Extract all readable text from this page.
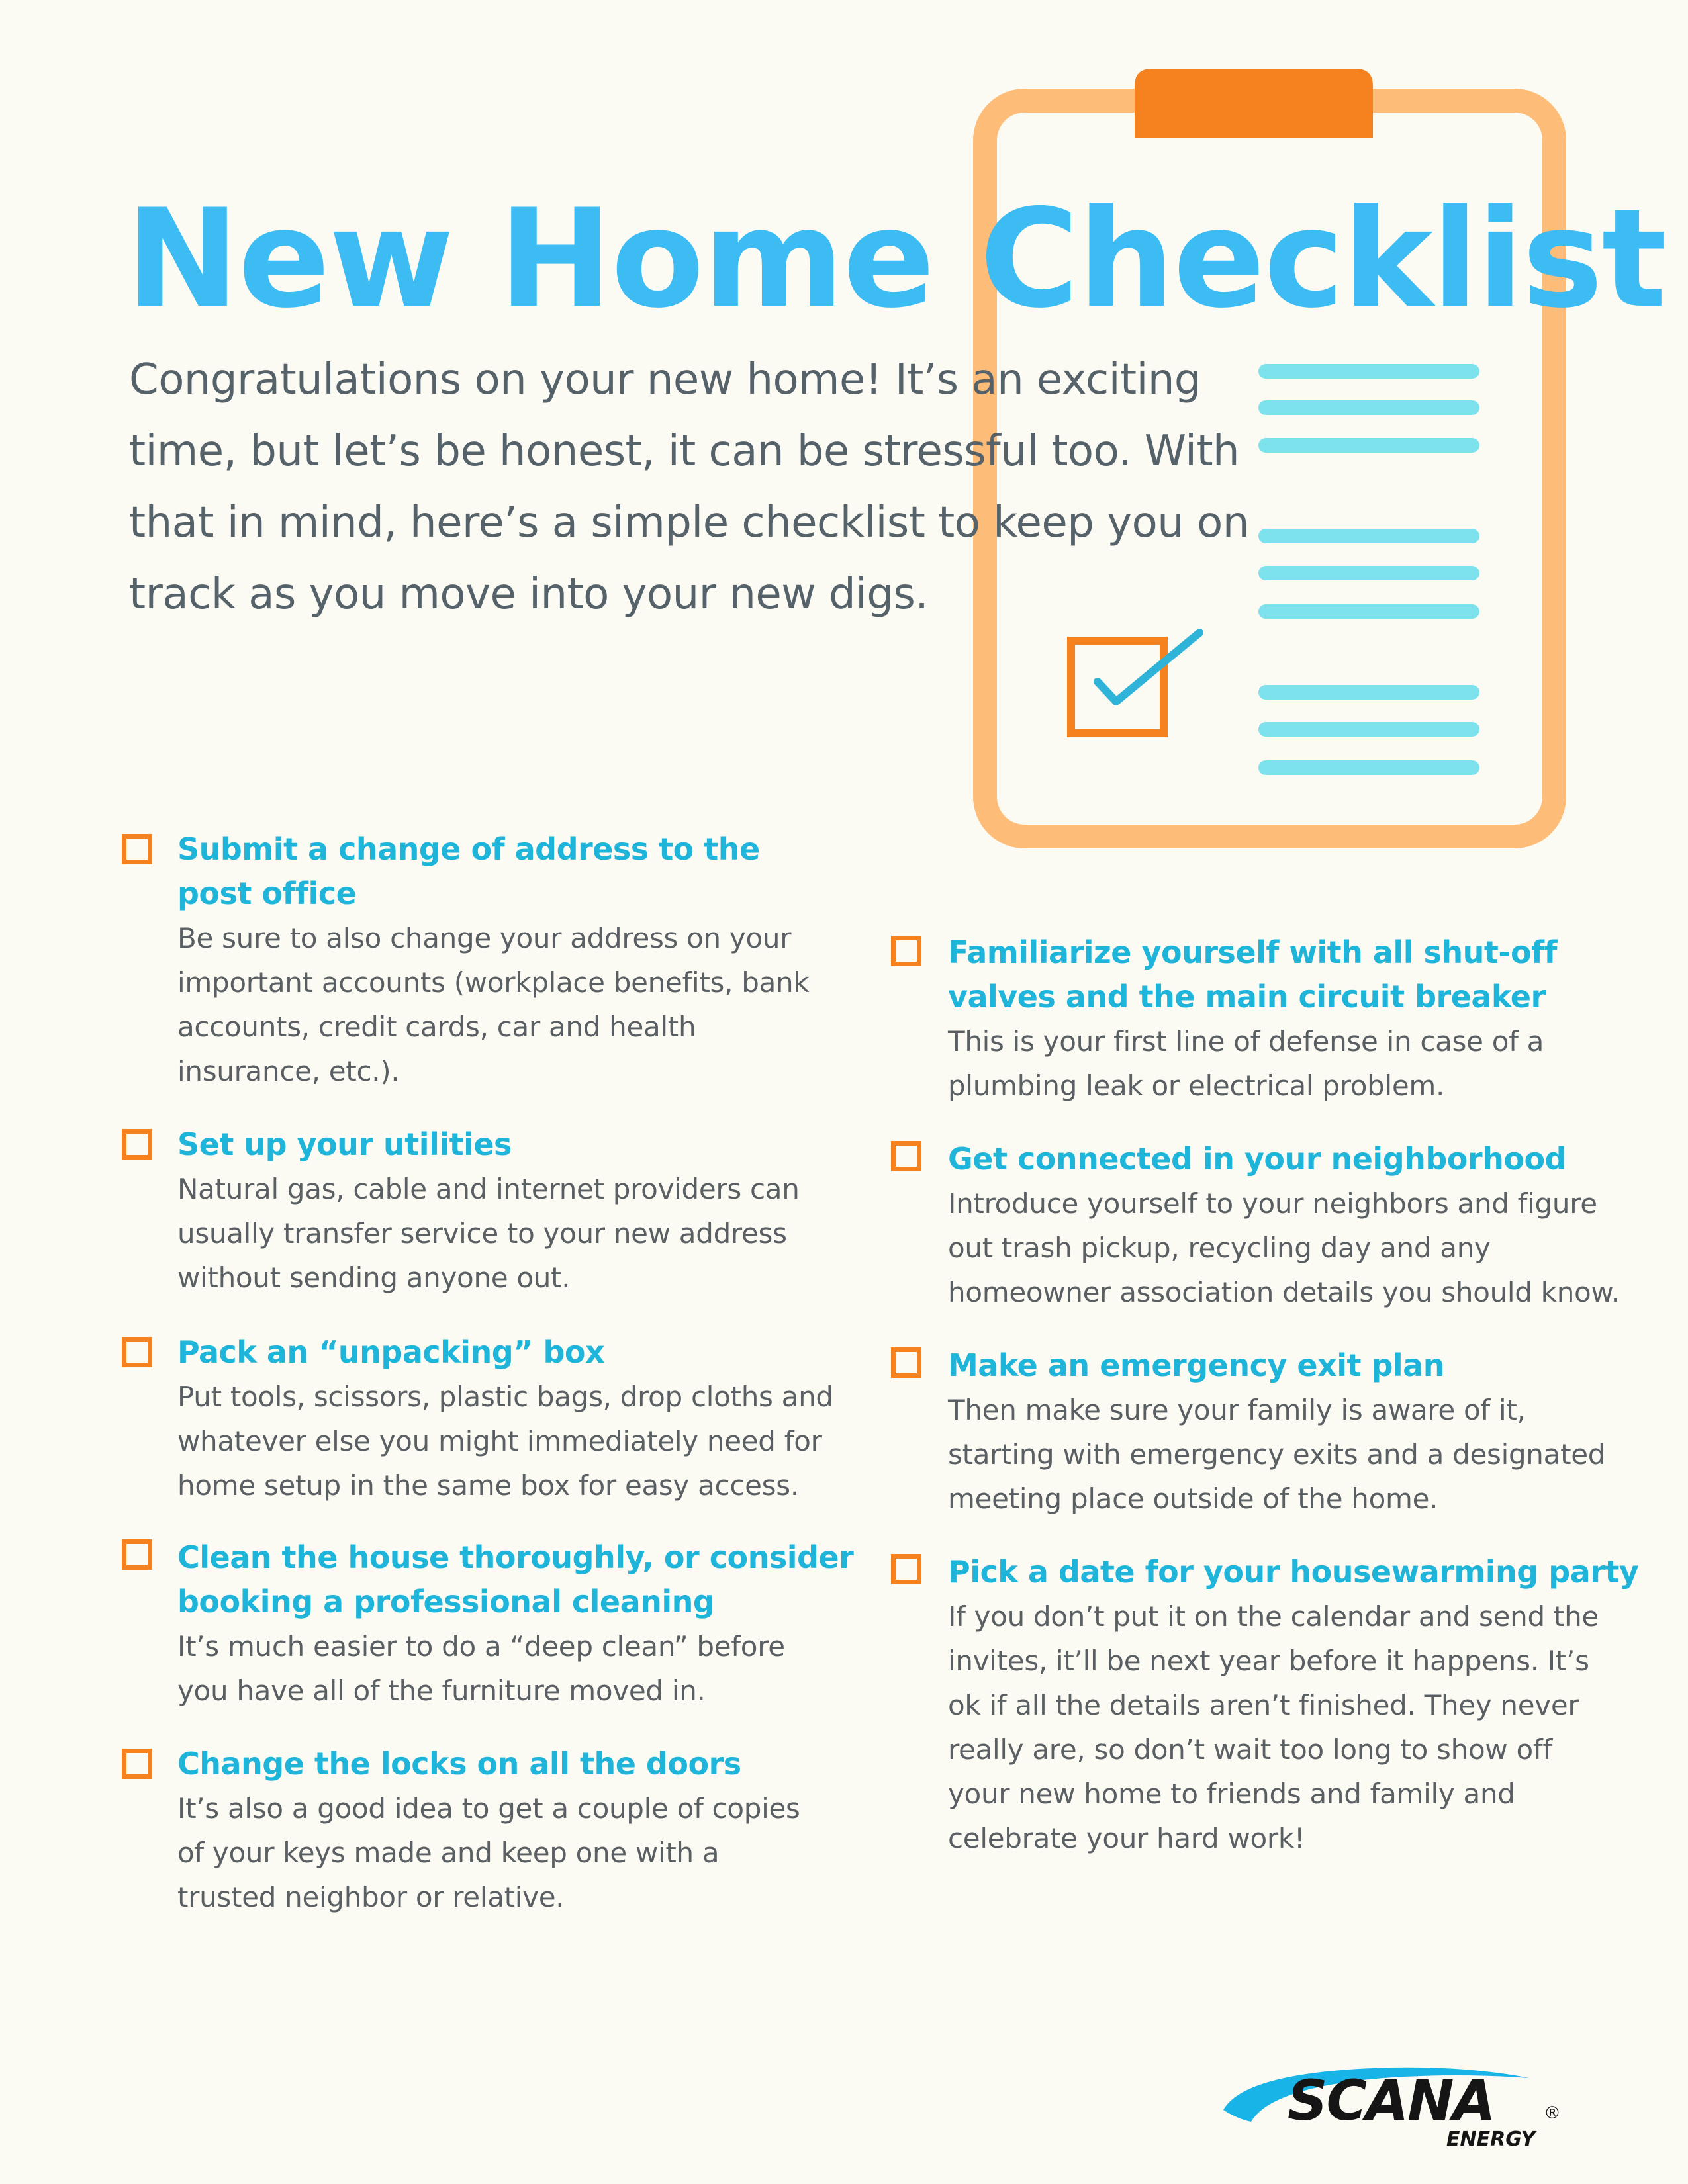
New Home Checklist
Congratulations on your new home! It’s an exciting
time, but let’s be honest, it can be stressful too. With
that in mind, here’s a simple checklist to keep you on
track as you move into your new digs.
Submit a change of address to the
post office
Be sure to also change your address on your
important accounts (workplace benefits, bank
accounts, credit cards, car and health
insurance, etc.).
Set up your utilities
Natural gas, cable and internet providers can
usually transfer service to your new address
without sending anyone out.
Pack an “unpacking” box
Put tools, scissors, plastic bags, drop cloths and
whatever else you might immediately need for
home setup in the same box for easy access.
Clean the house thoroughly, or consider
booking a professional cleaning
It’s much easier to do a “deep clean” before
you have all of the furniture moved in.
Change the locks on all the doors
It’s also a good idea to get a couple of copies
of your keys made and keep one with a
trusted neighbor or relative.
Familiarize yourself with all shut-off
valves and the main circuit breaker
This is your first line of defense in case of a
plumbing leak or electrical problem.
Get connected in your neighborhood
Introduce yourself to your neighbors and figure
out trash pickup, recycling day and any
homeowner association details you should know.
Make an emergency exit plan
Then make sure your family is aware of it,
starting with emergency exits and a designated
meeting place outside of the home.
Pick a date for your housewarming party
If you don’t put it on the calendar and send the
invites, it’ll be next year before it happens. It’s
ok if all the details aren’t finished. They never
really are, so don’t wait too long to show off
your new home to friends and family and
celebrate your hard work!
SCANA	®
ENERGY
